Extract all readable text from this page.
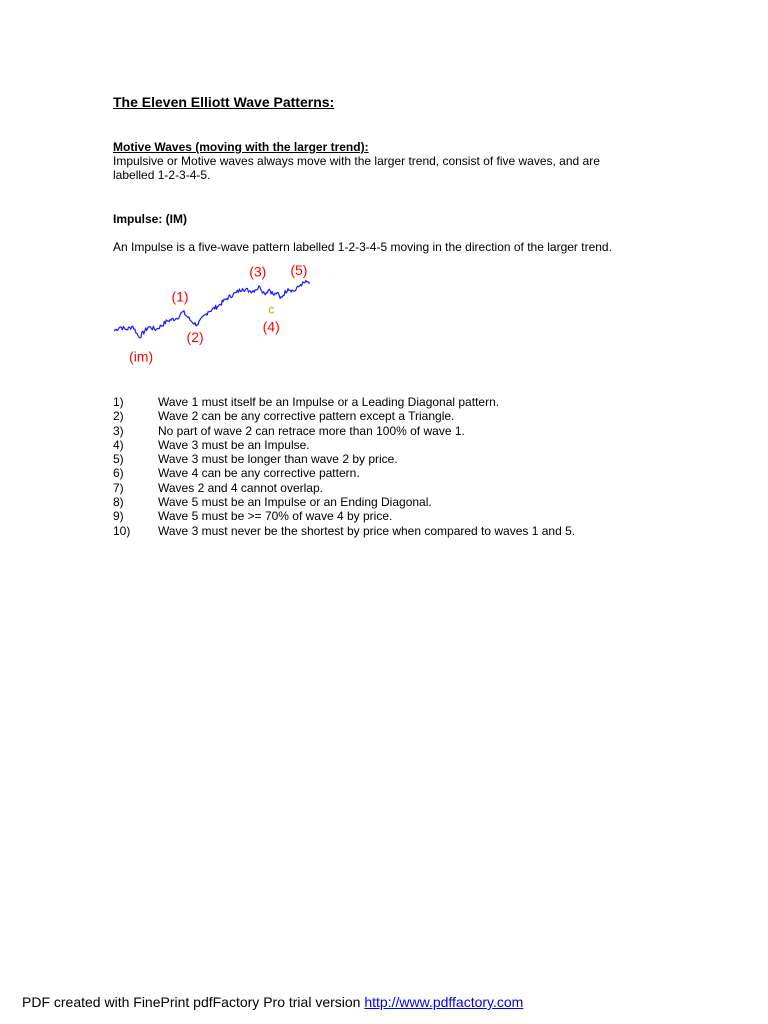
The Eleven Elliott Wave Patterns:
Motive Waves (moving with the larger trend):

Impulsive or Motive waves always move with the larger trend, consist of five waves, and are labelled 1-2-3-4-5.

Impulse: (IM)

An Impulse is a five-wave pattern labelled 1-2-3-4-5 moving in the direction of the larger trend.

(im)
(1)
(2)
(3)
c
(4)
(5)
1)	Wave 1 must itself be an Impulse or a Leading Diagonal pattern.
2)	Wave 2 can be any corrective pattern except a Triangle.
3)	No part of wave 2 can retrace more than 100% of wave 1.
4)	Wave 3 must be an Impulse.
5)	Wave 3 must be longer than wave 2 by price.
6)	Wave 4 can be any corrective pattern.
7)	Waves 2 and 4 cannot overlap.
8)	Wave 5 must be an Impulse or an Ending Diagonal.
9)	Wave 5 must be >= 70% of wave 4 by price.
10)	Wave 3 must never be the shortest by price when compared to waves 1 and 5.
PDF created with FinePrint pdfFactory Pro trial version http://www.pdffactory.com
